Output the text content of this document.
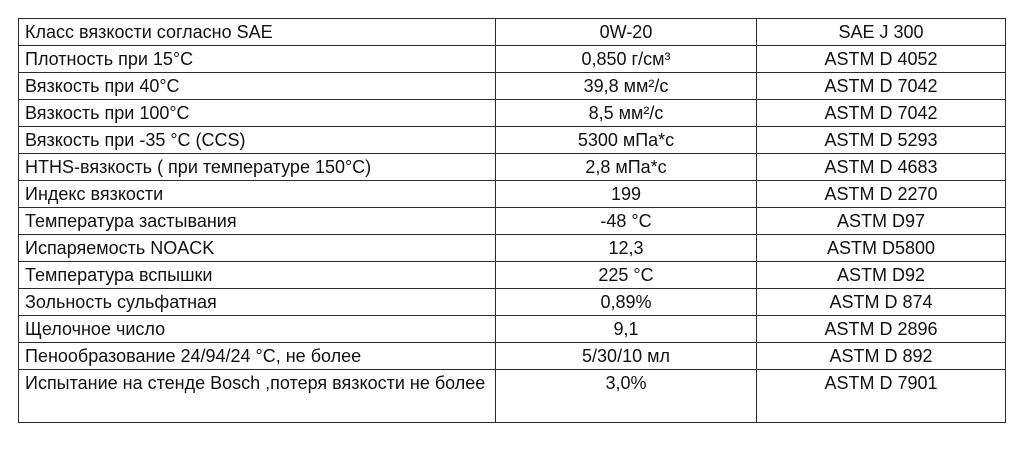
Класс вязкости согласно SAE	0W-20	SAE J 300
Плотность при 15°C	0,850 г/см³	ASTM D 4052
Вязкость при 40°С	39,8 мм²/с	ASTM D 7042
Вязкость при 100°С	8,5 мм²/с	ASTM D 7042
Вязкость при -35 °С (CCS)	5300 мПа*с	ASTM D 5293
HTHS-вязкость ( при температуре 150°С)	2,8 мПа*с	ASTM D 4683
Индекс вязкости	199	ASTM D 2270
Температура застывания	-48 °С	ASTM D97
Испаряемость NOACK	12,3	ASTM D5800
Температура вспышки	225 °С	ASTM D92
Зольность сульфатная	0,89%	ASTM D 874
Щелочное число	9,1	ASTM D 2896
Пенообразование 24/94/24 °С, не более	5/30/10 мл	ASTM D 892
Испытание на стенде Bosch ,потеря вязкости не более	3,0%	ASTM D 7901
